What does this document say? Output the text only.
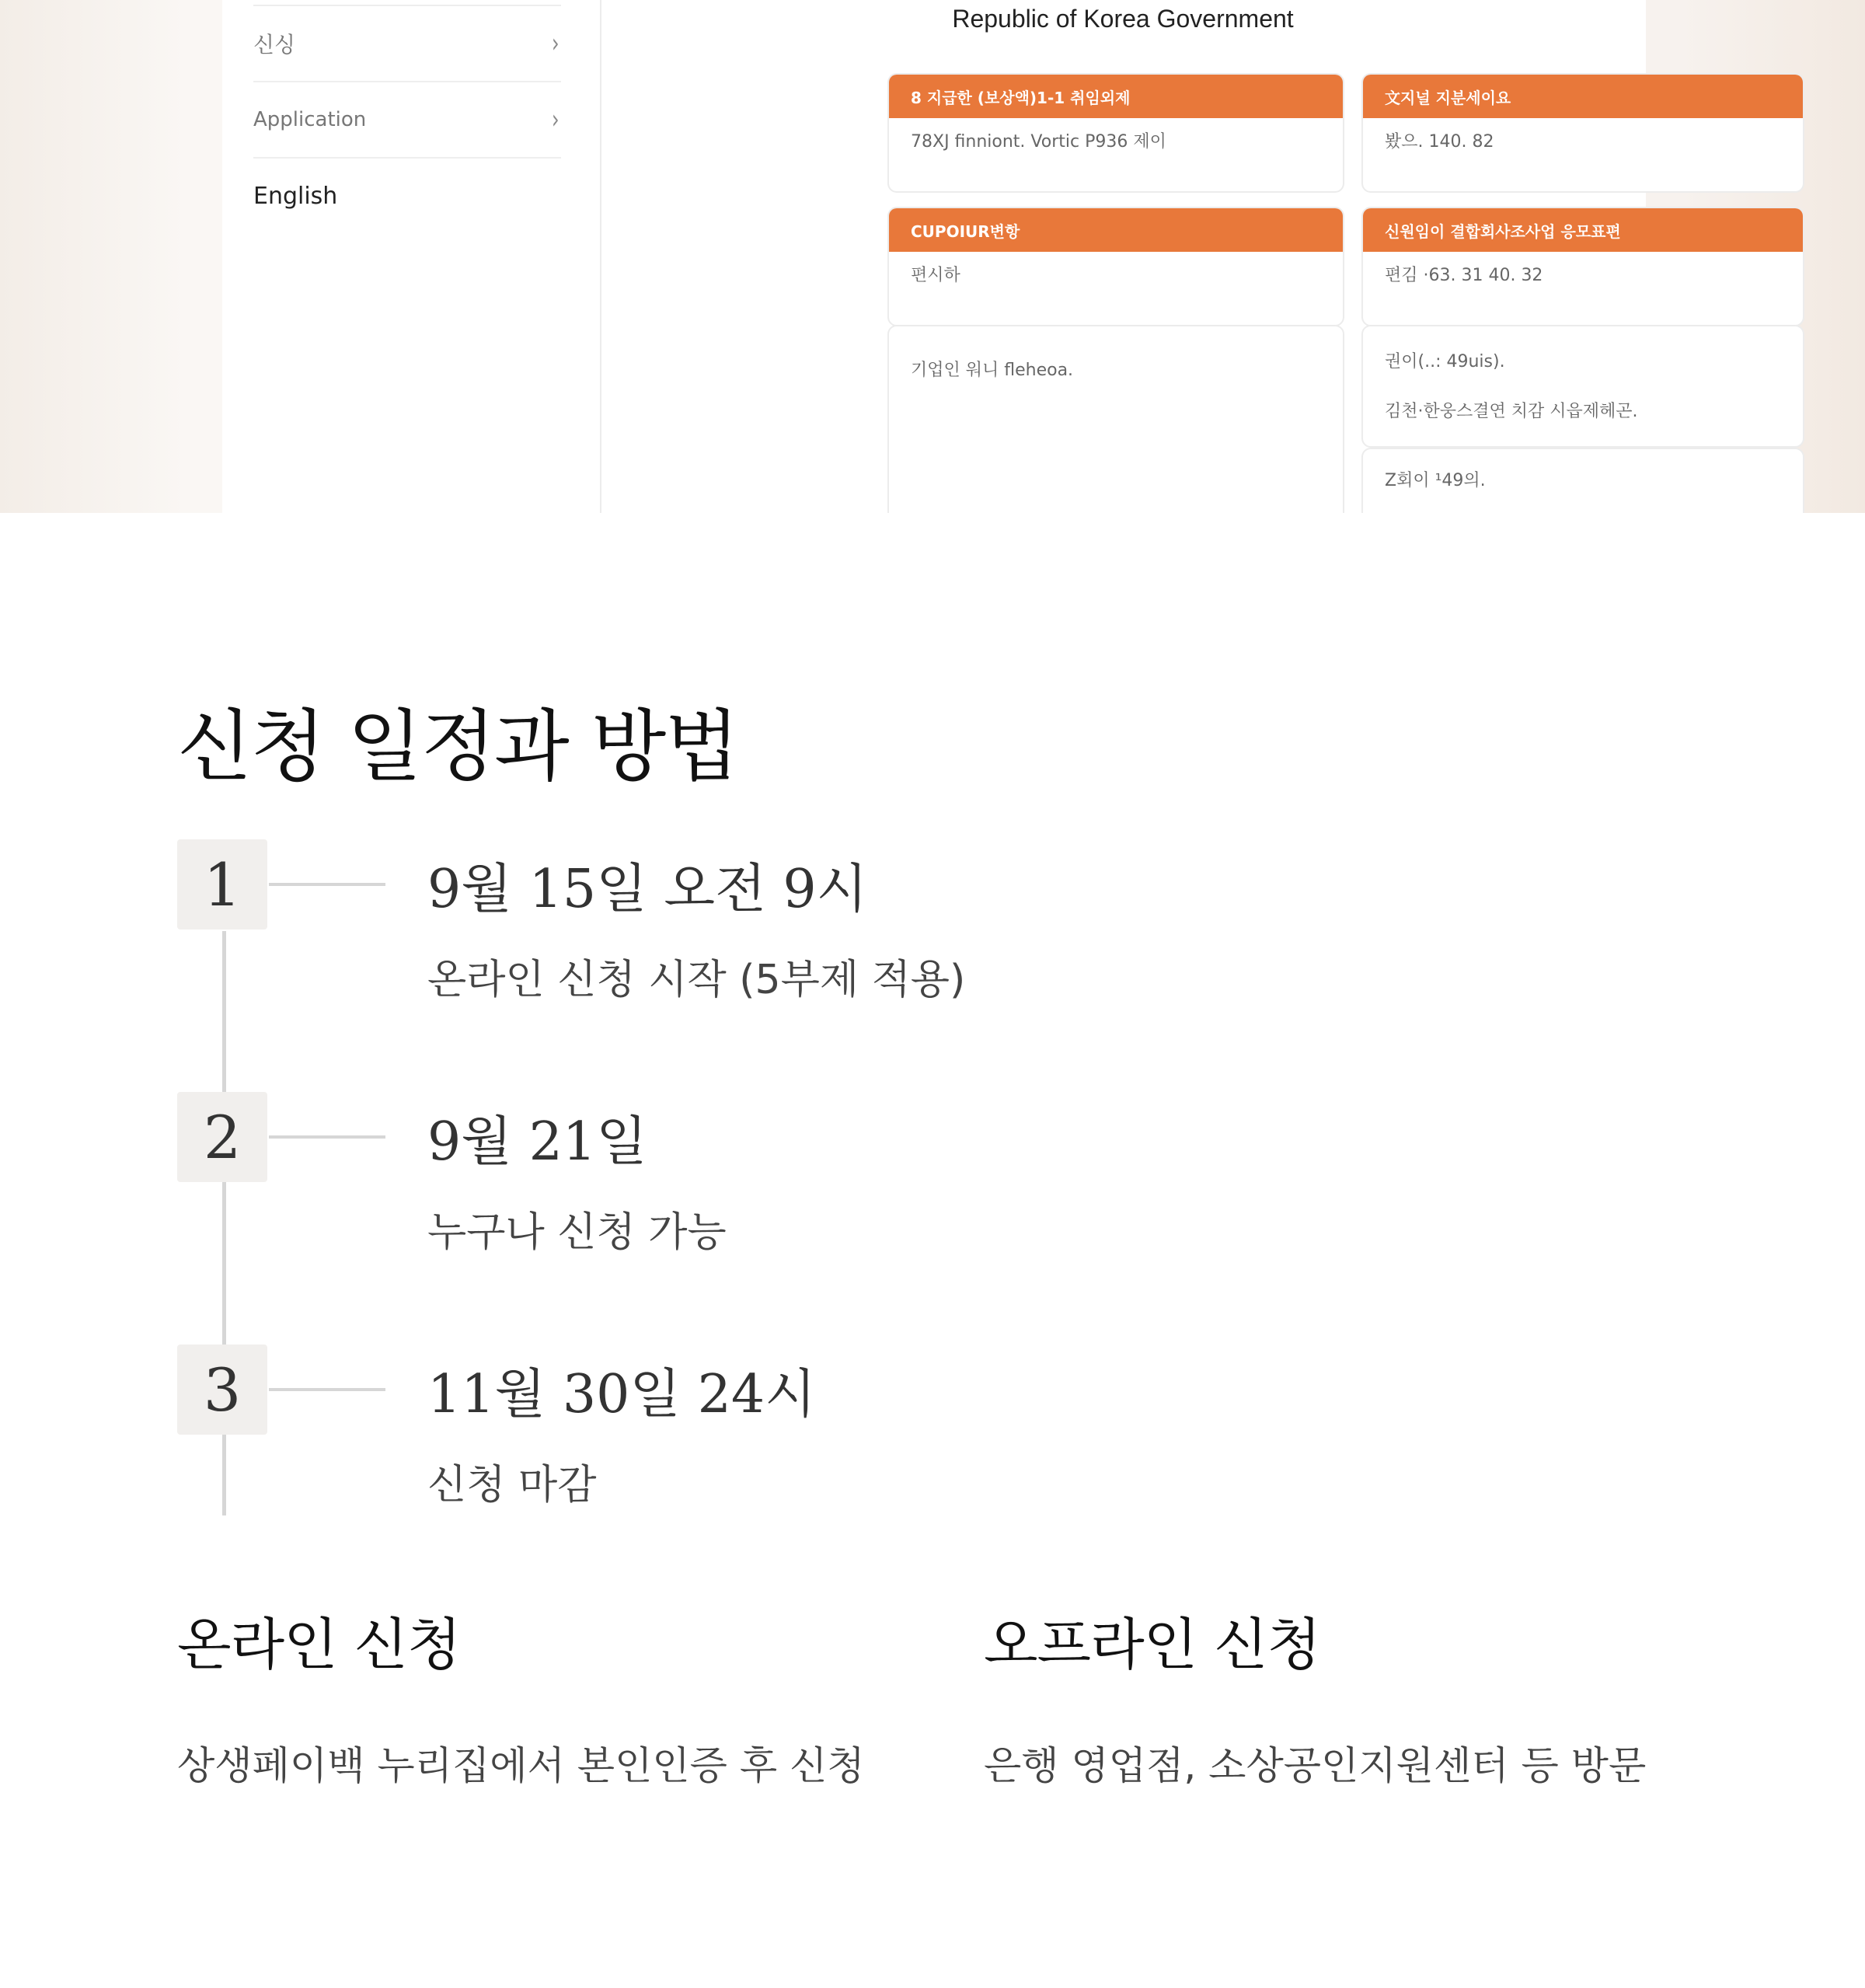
신싱	›
Application	›
English
Republic of Korea Government
8 지급한 (보상액)1-1 취임외제
78XJ finniont. Vortic P936 제이
文지널 지분세이요
봤으. 140. 82
CUPOIUR변항
편시하
신원임이 결합회사조사업 응모표편
편김 ·63. 31 40. 32
기업인 워니 fleheoa.	권이(..: 49uis).
김천·한웅스결연 치감 시읍제헤곤.
Z회이 ¹49의.
신청 일정과 방법
1	9월 15일 오전 9시
온라인 신청 시작 (5부제 적용)
2	9월 21일
누구나 신청 가능
3	11월 30일 24시
신청 마감
온라인 신청
상생페이백 누리집에서 본인인증 후 신청
오프라인 신청
은행 영업점, 소상공인지원센터 등 방문
